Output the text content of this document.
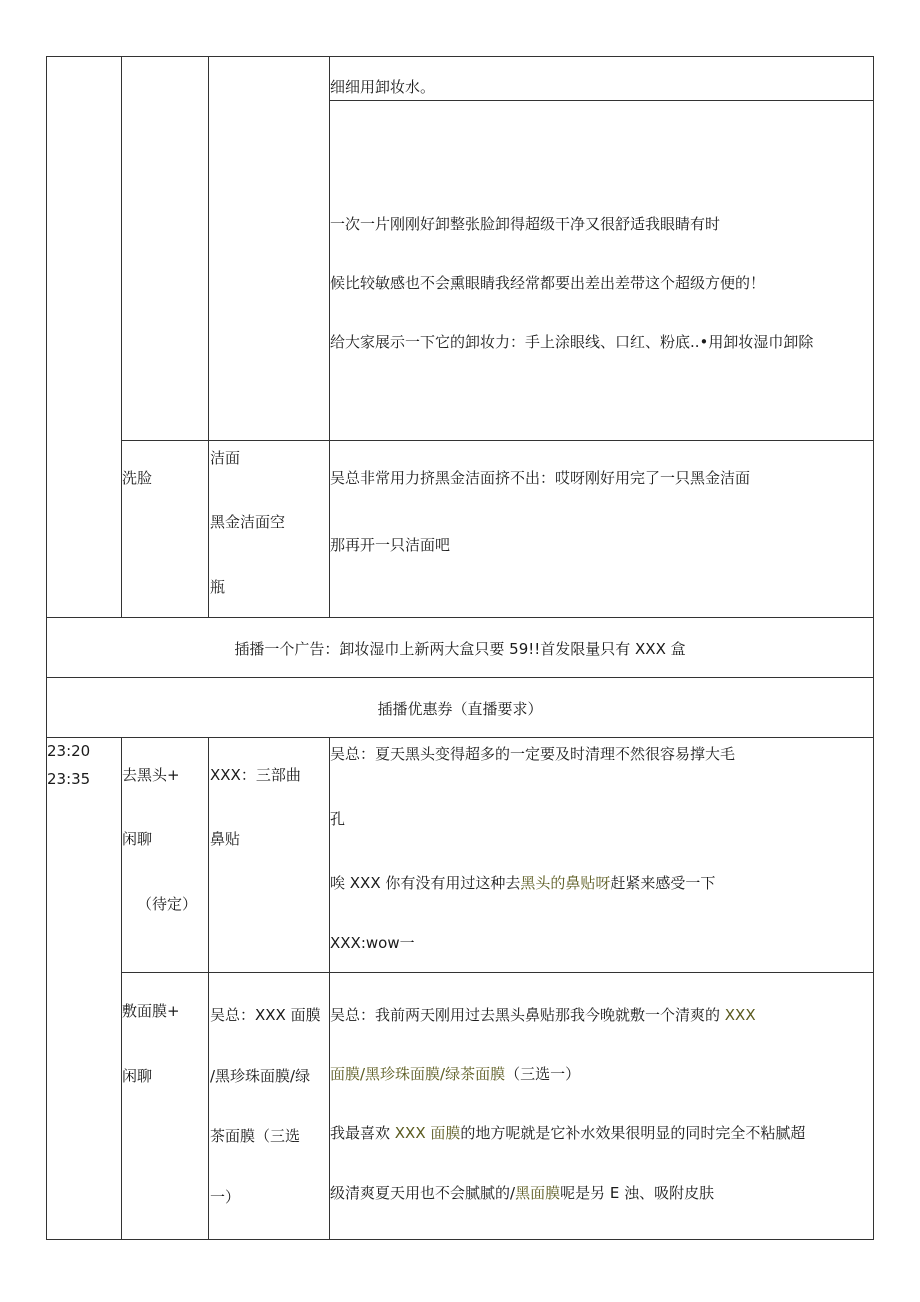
细细用卸妆水。
一次一片刚刚好卸整张脸卸得超级干净又很舒适我眼睛有时
候比较敏感也不会熏眼睛我经常都要出差出差带这个超级方便的！
给大家展示一下它的卸妆力：手上涂眼线、口红、粉底..•用卸妆湿巾卸除
洗脸
洁面
黑金洁面空
瓶
吴总非常用力挤黑金洁面挤不出：哎呀刚好用完了一只黑金洁面
那再开一只洁面吧
插播一个广告：卸妆湿巾上新两大盒只要 59!!首发限量只有 XXX 盒
插播优惠券（直播要求）
23:20
23:35 去黑头+
闲聊
（待定）
XXX：三部曲
鼻贴
吴总：夏天黑头变得超多的一定要及时清理不然很容易撑大毛
孔
唉 XXX 你有没有用过这种去黑头的鼻贴呀赶紧来感受一下
XXX:wow一
敷面膜+
闲聊
吴总：XXX 面膜
/黑珍珠面膜/绿
茶面膜（三选
一）
吴总：我前两天刚用过去黑头鼻贴那我今晚就敷一个清爽的 XXX
面膜/黑珍珠面膜/绿茶面膜（三选一）
我最喜欢 XXX 面膜的地方呢就是它补水效果很明显的同时完全不粘腻超
级清爽夏天用也不会腻腻的/黑面膜呢是另 E 浊、吸附皮肤
